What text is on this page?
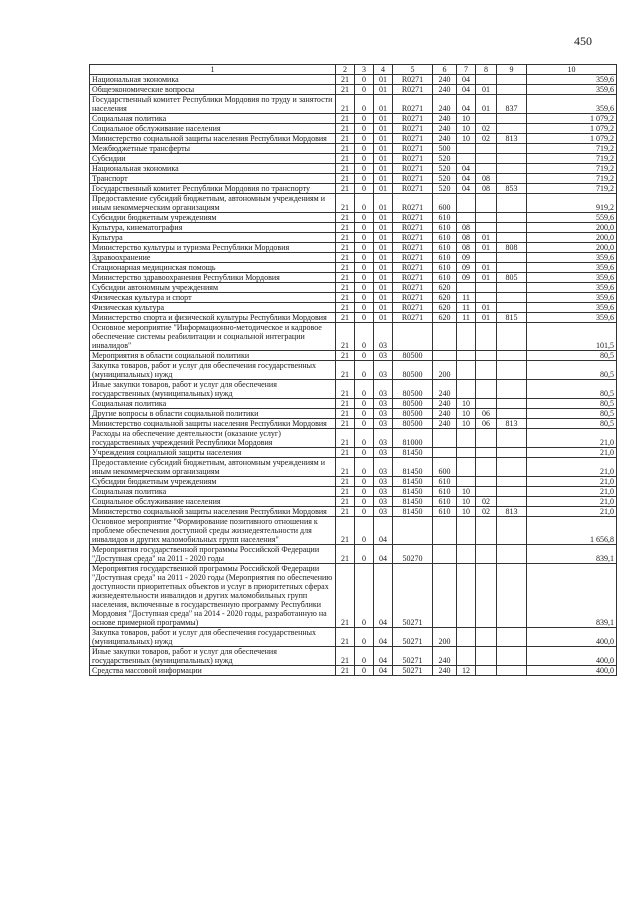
450
1	2	3	4	5	6	7	8	9	10
Национальная экономика	21	0	01	R0271	240	04			359,6
Общеэкономические вопросы	21	0	01	R0271	240	04	01		359,6
Государственный комитет Республики Мордовия по труду и занятости населения	21	0	01	R0271	240	04	01	837	359,6
Социальная политика	21	0	01	R0271	240	10			1 079,2
Социальное обслуживание населения	21	0	01	R0271	240	10	02		1 079,2
Министерство социальной защиты населения Республики Мордовия	21	0	01	R0271	240	10	02	813	1 079,2
Межбюджетные трансферты	21	0	01	R0271	500				719,2
Субсидии	21	0	01	R0271	520				719,2
Национальная экономика	21	0	01	R0271	520	04			719,2
Транспорт	21	0	01	R0271	520	04	08		719,2
Государственный комитет Республики Мордовия по транспорту	21	0	01	R0271	520	04	08	853	719,2
Предоставление субсидий бюджетным, автономным учреждениям и иным некоммерческим организациям	21	0	01	R0271	600				919,2
Субсидии бюджетным учреждениям	21	0	01	R0271	610				559,6
Культура, кинематография	21	0	01	R0271	610	08			200,0
Культура	21	0	01	R0271	610	08	01		200,0
Министерство культуры и туризма Республики Мордовия	21	0	01	R0271	610	08	01	808	200,0
Здравоохранение	21	0	01	R0271	610	09			359,6
Стационарная медицинская помощь	21	0	01	R0271	610	09	01		359,6
Министерство здравоохранения Республики Мордовия	21	0	01	R0271	610	09	01	805	359,6
Субсидии автономным учреждениям	21	0	01	R0271	620				359,6
Физическая культура и спорт	21	0	01	R0271	620	11			359,6
Физическая культура	21	0	01	R0271	620	11	01		359,6
Министерство спорта и физической культуры Республики Мордовия	21	0	01	R0271	620	11	01	815	359,6
Основное мероприятие "Информационно-методическое и кадровое обеспечение системы реабилитации и социальной интеграции инвалидов"	21	0	03						101,5
Мероприятия в области социальной политики	21	0	03	80500					80,5
Закупка товаров, работ и услуг для обеспечения государственных (муниципальных) нужд	21	0	03	80500	200				80,5
Иные закупки товаров, работ и услуг для обеспечения государственных (муниципальных) нужд	21	0	03	80500	240				80,5
Социальная политика	21	0	03	80500	240	10			80,5
Другие вопросы в области социальной политики	21	0	03	80500	240	10	06		80,5
Министерство социальной защиты населения Республики Мордовия	21	0	03	80500	240	10	06	813	80,5
Расходы на обеспечение деятельности (оказание услуг) государственных учреждений Республики Мордовия	21	0	03	81000					21,0
Учреждения социальной защиты населения	21	0	03	81450					21,0
Предоставление субсидий бюджетным, автономным учреждениям и иным некоммерческим организациям	21	0	03	81450	600				21,0
Субсидии бюджетным учреждениям	21	0	03	81450	610				21,0
Социальная политика	21	0	03	81450	610	10			21,0
Социальное обслуживание населения	21	0	03	81450	610	10	02		21,0
Министерство социальной защиты населения Республики Мордовия	21	0	03	81450	610	10	02	813	21,0
Основное мероприятие "Формирование позитивного отношения к проблеме обеспечения доступной среды жизнедеятельности для инвалидов и других маломобильных групп населения"	21	0	04						1 656,8
Мероприятия государственной программы Российской Федерации "Доступная среда" на 2011 - 2020 годы	21	0	04	50270					839,1
Мероприятия государственной программы Российской Федерации "Доступная среда" на 2011 - 2020 годы (Мероприятия по обеспечению доступности приоритетных объектов и услуг в приоритетных сферах жизнедеятельности инвалидов и других маломобильных групп населения, включенные в государственную программу Республики Мордовия "Доступная среда" на 2014 - 2020 годы, разработанную на основе примерной программы)	21	0	04	50271					839,1
Закупка товаров, работ и услуг для обеспечения государственных (муниципальных) нужд	21	0	04	50271	200				400,0
Иные закупки товаров, работ и услуг для обеспечения государственных (муниципальных) нужд	21	0	04	50271	240				400,0
Средства массовой информации	21	0	04	50271	240	12			400,0
